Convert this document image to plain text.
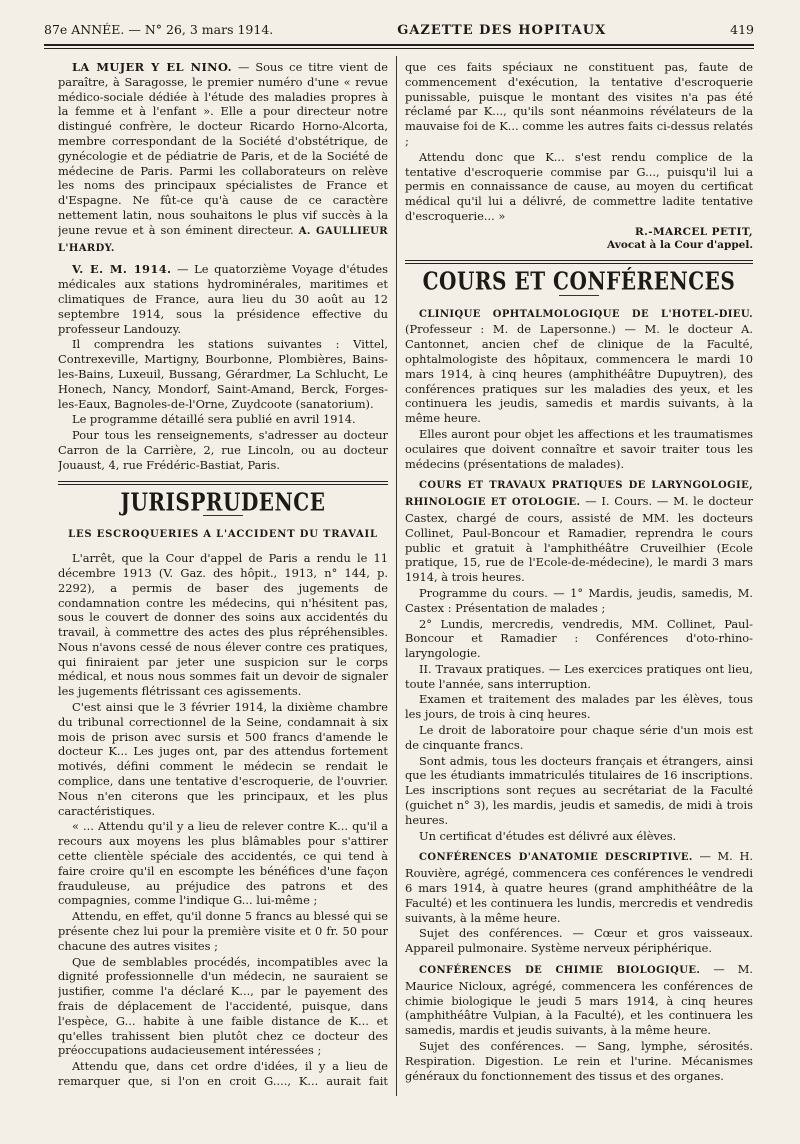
87e ANNÉE. — N° 26, 3 mars 1914.	GAZETTE DES HOPITAUX	419

LA MUJER Y EL NINO. — Sous ce titre vient de paraître, à Saragosse, le premier numéro d'une « revue médico-sociale dédiée à l'étude des maladies propres à la femme et à l'enfant ». Elle a pour directeur notre distingué confrère, le docteur Ricardo Horno-Alcorta, membre correspondant de la Société d'obstétrique, de gynécologie et de pédiatrie de Paris, et de la Société de médecine de Paris. Parmi les collaborateurs on relève les noms des principaux spécialistes de France et d'Espagne. Ne fût-ce qu'à cause de ce caractère nettement latin, nous souhaitons le plus vif succès à la jeune revue et à son éminent directeur. A. GAULLIEUR L'HARDY.

V. E. M. 1914. — Le quatorzième Voyage d'études médicales aux stations hydrominérales, maritimes et climatiques de France, aura lieu du 30 août au 12 septembre 1914, sous la présidence effective du professeur Landouzy.

Il comprendra les stations suivantes : Vittel, Contrexeville, Martigny, Bourbonne, Plombières, Bains-les-Bains, Luxeuil, Bussang, Gérardmer, La Schlucht, Le Honech, Nancy, Mondorf, Saint-Amand, Berck, Forges-les-Eaux, Bagnoles-de-l'Orne, Zuydcoote (sanatorium).

Le programme détaillé sera publié en avril 1914.

Pour tous les renseignements, s'adresser au docteur Carron de la Carrière, 2, rue Lincoln, ou au docteur Jouaust, 4, rue Frédéric-Bastiat, Paris.

JURISPRUDENCE
LES ESCROQUERIES A L'ACCIDENT DU TRAVAIL

L'arrêt, que la Cour d'appel de Paris a rendu le 11 décembre 1913 (V. Gaz. des hôpit., 1913, n° 144, p. 2292), a permis de baser des jugements de condamnation contre les médecins, qui n'hésitent pas, sous le couvert de donner des soins aux accidentés du travail, à commettre des actes des plus répréhensibles. Nous n'avons cessé de nous élever contre ces pratiques, qui finiraient par jeter une suspicion sur le corps médical, et nous nous sommes fait un devoir de signaler les jugements flétrissant ces agissements.

C'est ainsi que le 3 février 1914, la dixième chambre du tribunal correctionnel de la Seine, condamnait à six mois de prison avec sursis et 500 francs d'amende le docteur K... Les juges ont, par des attendus fortement motivés, défini comment le médecin se rendait le complice, dans une tentative d'escroquerie, de l'ouvrier. Nous n'en citerons que les principaux, et les plus caractéristiques.

« ... Attendu qu'il y a lieu de relever contre K... qu'il a recours aux moyens les plus blâmables pour s'attirer cette clientèle spéciale des accidentés, ce qui tend à faire croire qu'il en escompte les bénéfices d'une façon frauduleuse, au préjudice des patrons et des compagnies, comme l'indique G... lui-même ;

Attendu, en effet, qu'il donne 5 francs au blessé qui se présente chez lui pour la première visite et 0 fr. 50 pour chacune des autres visites ;

Que de semblables procédés, incompatibles avec la dignité professionnelle d'un médecin, ne sauraient se justifier, comme l'a déclaré K..., par le payement des frais de déplacement de l'accidenté, puisque, dans l'espèce, G... habite à une faible distance de K... et qu'elles trahissent bien plutôt chez ce docteur des préoccupations audacieusement intéressées ;

Attendu que, dans cet ordre d'idées, il y a lieu de remarquer que, si l'on en croit G...., K... aurait fait

que ces faits spéciaux ne constituent pas, faute de commencement d'exécution, la tentative d'escroquerie punissable, puisque le montant des visites n'a pas été réclamé par K..., qu'ils sont néanmoins révélateurs de la mauvaise foi de K... comme les autres faits ci-dessus relatés ;

Attendu donc que K... s'est rendu complice de la tentative d'escroquerie commise par G..., puisqu'il lui a permis en connaissance de cause, au moyen du certificat médical qu'il lui a délivré, de commettre ladite tentative d'escroquerie... »

R.-MARCEL PETIT,
Avocat à la Cour d'appel.
COURS ET CONFÉRENCES

CLINIQUE OPHTALMOLOGIQUE DE L'HOTEL-DIEU. (Professeur : M. de Lapersonne.) — M. le docteur A. Cantonnet, ancien chef de clinique de la Faculté, ophtalmologiste des hôpitaux, commencera le mardi 10 mars 1914, à cinq heures (amphithéâtre Dupuytren), des conférences pratiques sur les maladies des yeux, et les continuera les jeudis, samedis et mardis suivants, à la même heure.

Elles auront pour objet les affections et les traumatismes oculaires que doivent connaître et savoir traiter tous les médecins (présentations de malades).

COURS ET TRAVAUX PRATIQUES DE LARYNGOLOGIE, RHINOLOGIE ET OTOLOGIE. — I. Cours. — M. le docteur Castex, chargé de cours, assisté de MM. les docteurs Collinet, Paul-Boncour et Ramadier, reprendra le cours public et gratuit à l'amphithéâtre Cruveilhier (Ecole pratique, 15, rue de l'Ecole-de-médecine), le mardi 3 mars 1914, à trois heures.

Programme du cours. — 1° Mardis, jeudis, samedis, M. Castex : Présentation de malades ;

2° Lundis, mercredis, vendredis, MM. Collinet, Paul-Boncour et Ramadier : Conférences d'oto-rhino-laryngologie.

II. Travaux pratiques. — Les exercices pratiques ont lieu, toute l'année, sans interruption.

Examen et traitement des malades par les élèves, tous les jours, de trois à cinq heures.

Le droit de laboratoire pour chaque série d'un mois est de cinquante francs.

Sont admis, tous les docteurs français et étrangers, ainsi que les étudiants immatriculés titulaires de 16 inscriptions. Les inscriptions sont reçues au secrétariat de la Faculté (guichet n° 3), les mardis, jeudis et samedis, de midi à trois heures.

Un certificat d'études est délivré aux élèves.

CONFÉRENCES D'ANATOMIE DESCRIPTIVE. — M. H. Rouvière, agrégé, commencera ces conférences le vendredi 6 mars 1914, à quatre heures (grand amphithéâtre de la Faculté) et les continuera les lundis, mercredis et vendredis suivants, à la même heure.

Sujet des conférences. — Cœur et gros vaisseaux. Appareil pulmonaire. Système nerveux périphérique.

CONFÉRENCES DE CHIMIE BIOLOGIQUE. — M. Maurice Nicloux, agrégé, commencera les conférences de chimie biologique le jeudi 5 mars 1914, à cinq heures (amphithéâtre Vulpian, à la Faculté), et les continuera les samedis, mardis et jeudis suivants, à la même heure.

Sujet des conférences. — Sang, lymphe, sérosités. Respiration. Digestion. Le rein et l'urine. Mécanismes généraux du fonctionnement des tissus et des organes.
